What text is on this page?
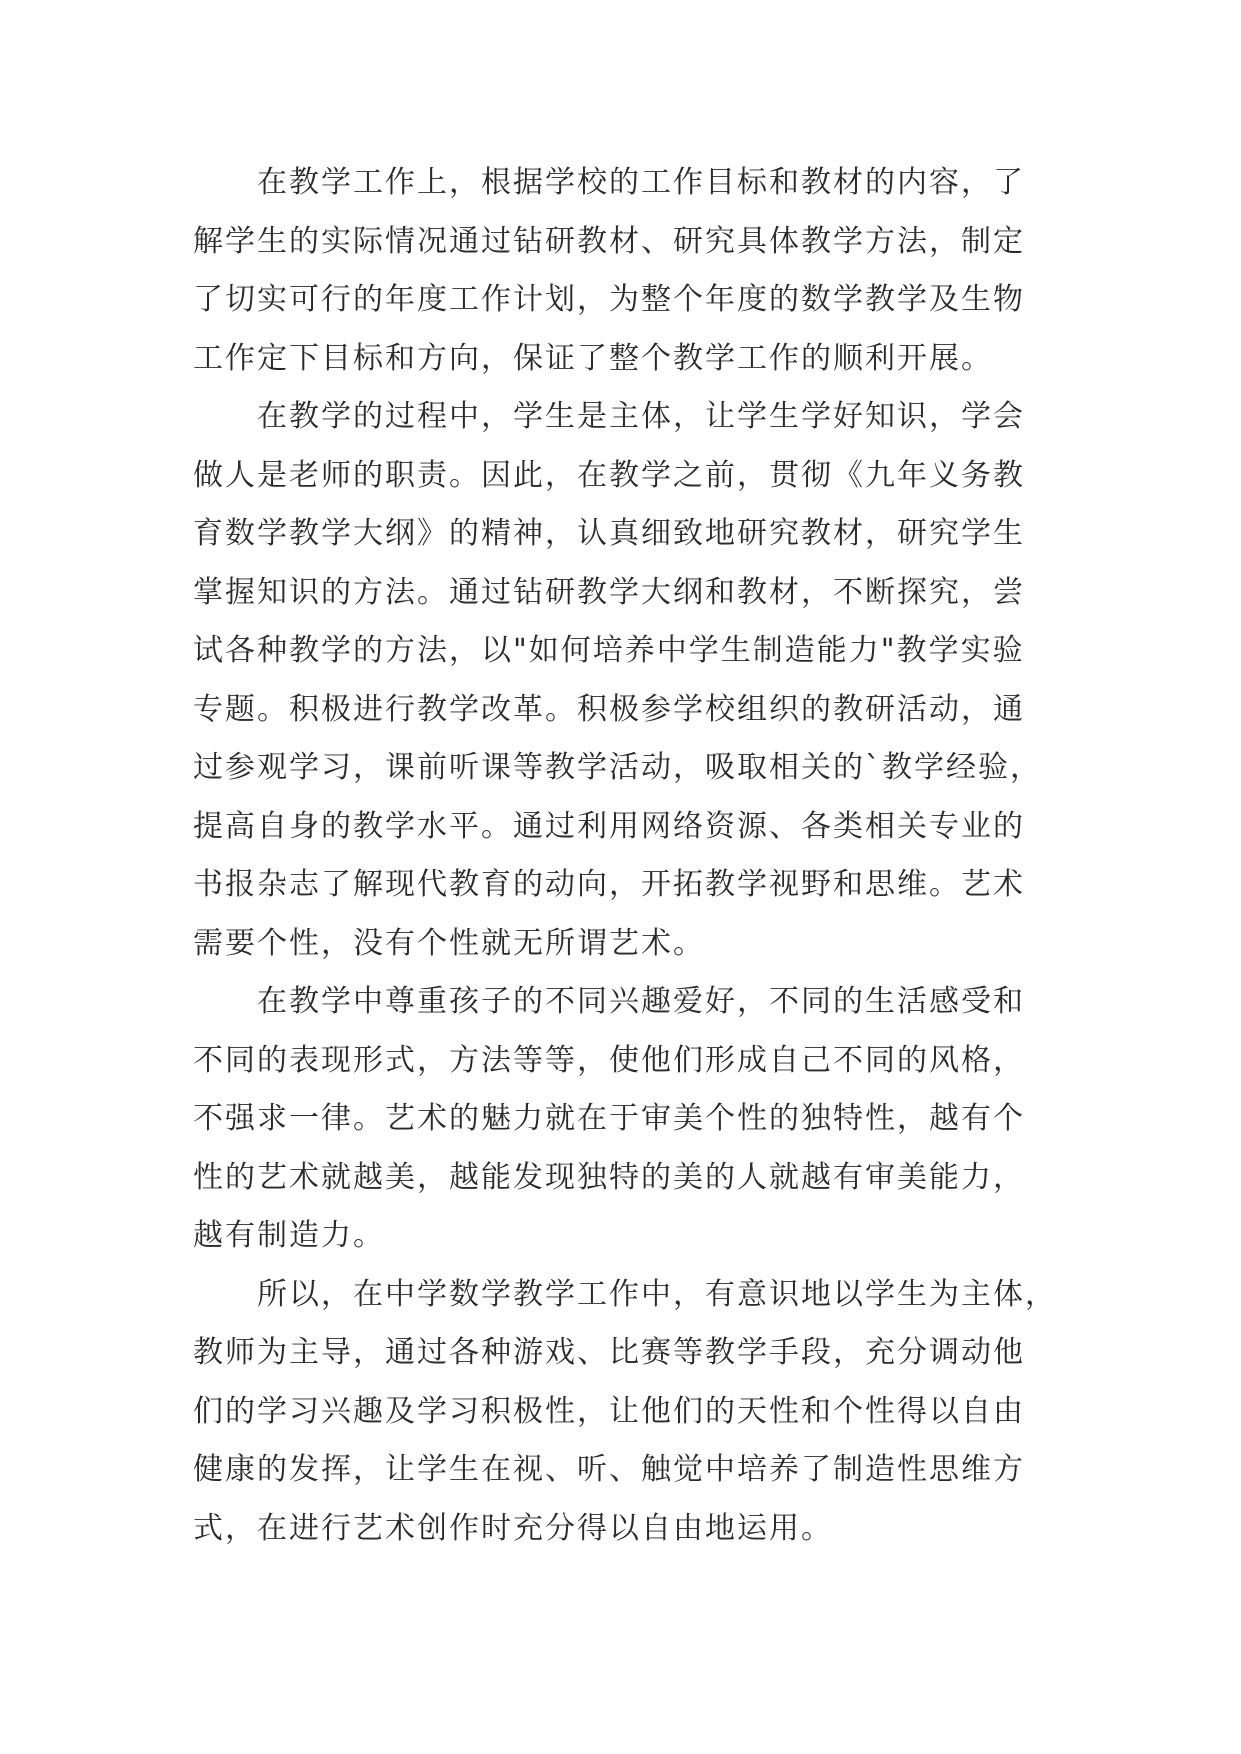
在教学工作上，根据学校的工作目标和教材的内容，了
解学生的实际情况通过钻研教材、研究具体教学方法，制定
了切实可行的年度工作计划，为整个年度的数学教学及生物
工作定下目标和方向，保证了整个教学工作的顺利开展。
在教学的过程中，学生是主体，让学生学好知识，学会
做人是老师的职责。因此，在教学之前，贯彻《九年义务教
育数学教学大纲》的精神，认真细致地研究教材，研究学生
掌握知识的方法。通过钻研教学大纲和教材，不断探究，尝
试各种教学的方法，以"如何培养中学生制造能力"教学实验
专题。积极进行教学改革。积极参学校组织的教研活动，通
过参观学习，课前听课等教学活动，吸取相关的`教学经验，
提高自身的教学水平。通过利用网络资源、各类相关专业的
书报杂志了解现代教育的动向，开拓教学视野和思维。艺术
需要个性，没有个性就无所谓艺术。
在教学中尊重孩子的不同兴趣爱好，不同的生活感受和
不同的表现形式，方法等等，使他们形成自己不同的风格，
不强求一律。艺术的魅力就在于审美个性的独特性，越有个
性的艺术就越美，越能发现独特的美的人就越有审美能力，
越有制造力。
所以，在中学数学教学工作中，有意识地以学生为主体，
教师为主导，通过各种游戏、比赛等教学手段，充分调动他
们的学习兴趣及学习积极性，让他们的天性和个性得以自由
健康的发挥，让学生在视、听、触觉中培养了制造性思维方
式，在进行艺术创作时充分得以自由地运用。
